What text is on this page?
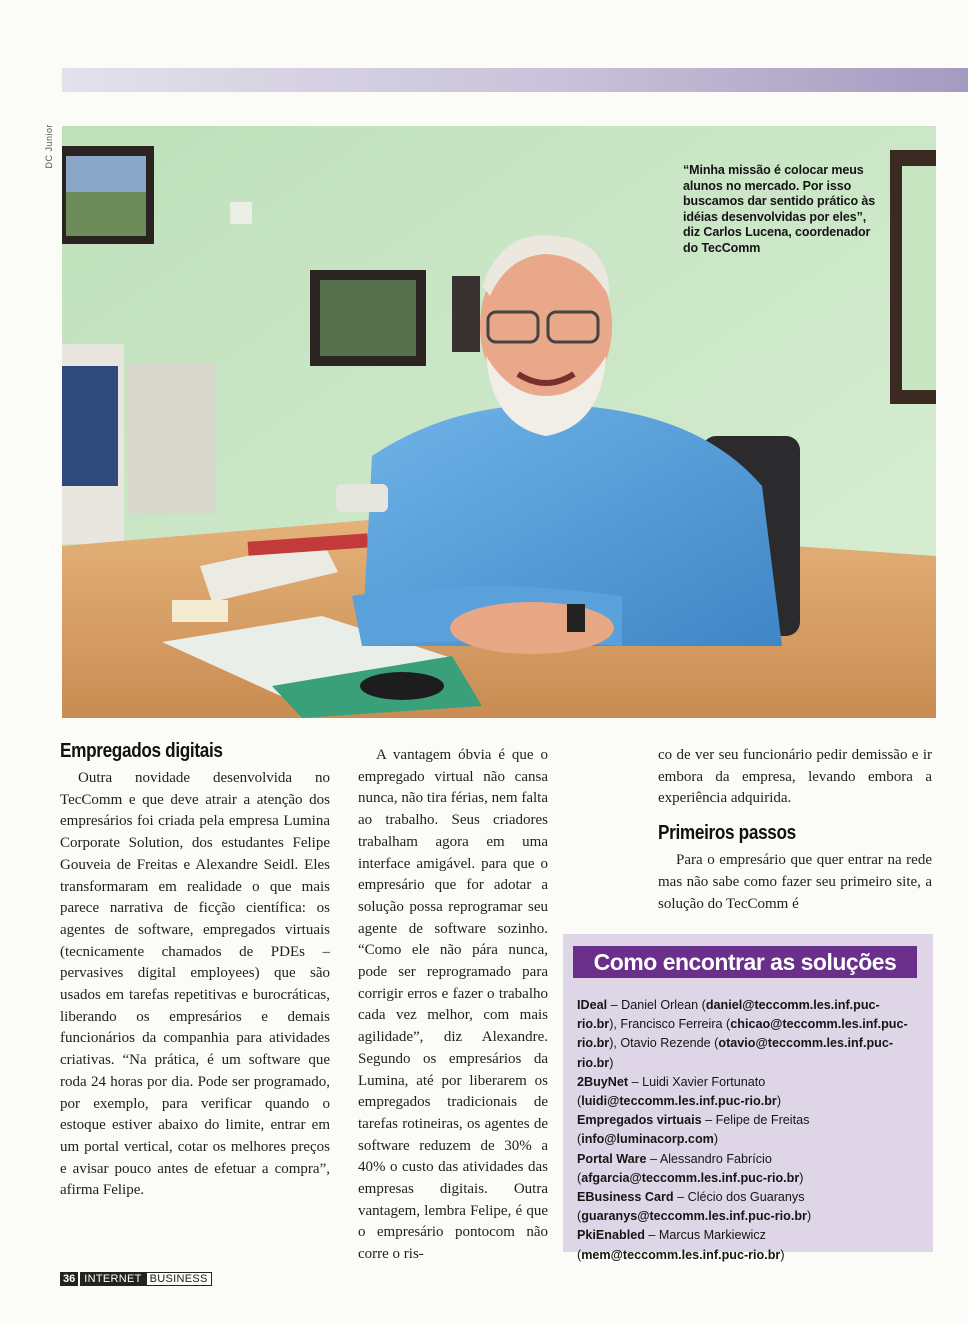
DC Junior
“Minha missão é colocar meus alunos no mercado. Por isso buscamos dar sentido prático às idéias desenvolvidas por eles”, diz Carlos Lucena, coordenador do TecComm
Empregados digitais

Outra novidade desenvolvida no TecComm e que deve atrair a atenção dos empresários foi criada pela empresa Lumina Corporate Solution, dos estudantes Felipe Gouveia de Freitas e Alexandre Seidl. Eles transformaram em realidade o que mais parece narrativa de ficção científica: os agentes de software, empregados virtuais (tecnicamente chamados de PDEs – pervasives digital employees) que são usados em tarefas repetitivas e burocráticas, liberando os empresários e demais funcionários da companhia para atividades criativas. “Na prática, é um software que roda 24 horas por dia. Pode ser programado, por exemplo, para verificar quando o estoque estiver abaixo do limite, entrar em um portal vertical, cotar os melhores preços e avisar pouco antes de efetuar a compra”, afirma Felipe.

A vantagem óbvia é que o empregado virtual não cansa nunca, não tira férias, nem falta ao trabalho. Seus criadores trabalham agora em uma interface amigável. para que o empresário que for adotar a solução possa reprogramar seu agente de software sozinho. “Como ele não pára nunca, pode ser reprogramado para corrigir erros e fazer o trabalho cada vez melhor, com mais agilidade”, diz Alexandre. Segundo os empresários da Lumina, até por liberarem os empregados tradicionais de tarefas rotineiras, os agentes de software reduzem de 30% a 40% o custo das atividades das empresas digitais. Outra vantagem, lembra Felipe, é que o empresário pontocom não corre o ris-

co de ver seu funcionário pedir demissão e ir embora da empresa, levando embora a experiência adquirida.

Primeiros passos

Para o empresário que quer entrar na rede mas não sabe como fazer seu primeiro site, a solução do TecComm é

Como encontrar as soluções
IDeal – Daniel Orlean (daniel@teccomm.les.inf.puc-rio.br), Francisco Ferreira (chicao@teccomm.les.inf.puc-rio.br), Otavio Rezende (otavio@teccomm.les.inf.puc-rio.br)
2BuyNet – Luidi Xavier Fortunato (luidi@teccomm.les.inf.puc-rio.br)
Empregados virtuais – Felipe de Freitas (info@luminacorp.com)
Portal Ware – Alessandro Fabrício (afgarcia@teccomm.les.inf.puc-rio.br)
EBusiness Card – Clécio dos Guaranys (guaranys@teccomm.les.inf.puc-rio.br)
PkiEnabled – Marcus Markiewicz (mem@teccomm.les.inf.puc-rio.br)
36 INTERNET BUSINESS
